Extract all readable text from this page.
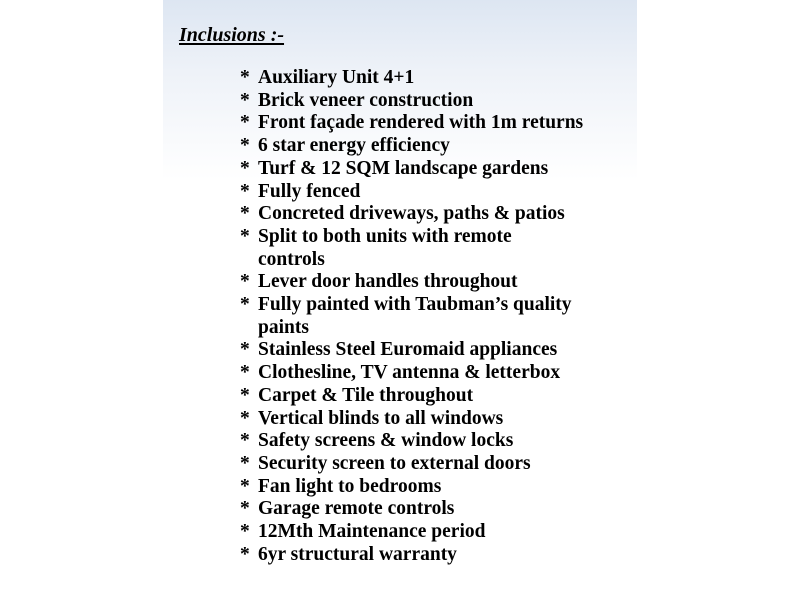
Inclusions :-
* Auxiliary Unit 4+1
* Brick veneer construction
* Front façade rendered with 1m returns
* 6 star energy efficiency
* Turf & 12 SQM landscape gardens
* Fully fenced
* Concreted driveways, paths & patios
* Split to both units with remote
controls
* Lever door handles throughout
* Fully painted with Taubman’s quality
paints
* Stainless Steel Euromaid appliances
* Clothesline, TV antenna & letterbox
* Carpet & Tile throughout
* Vertical blinds to all windows
* Safety screens & window locks
* Security screen to external doors
* Fan light to bedrooms
* Garage remote controls
* 12Mth Maintenance period
* 6yr structural warranty
